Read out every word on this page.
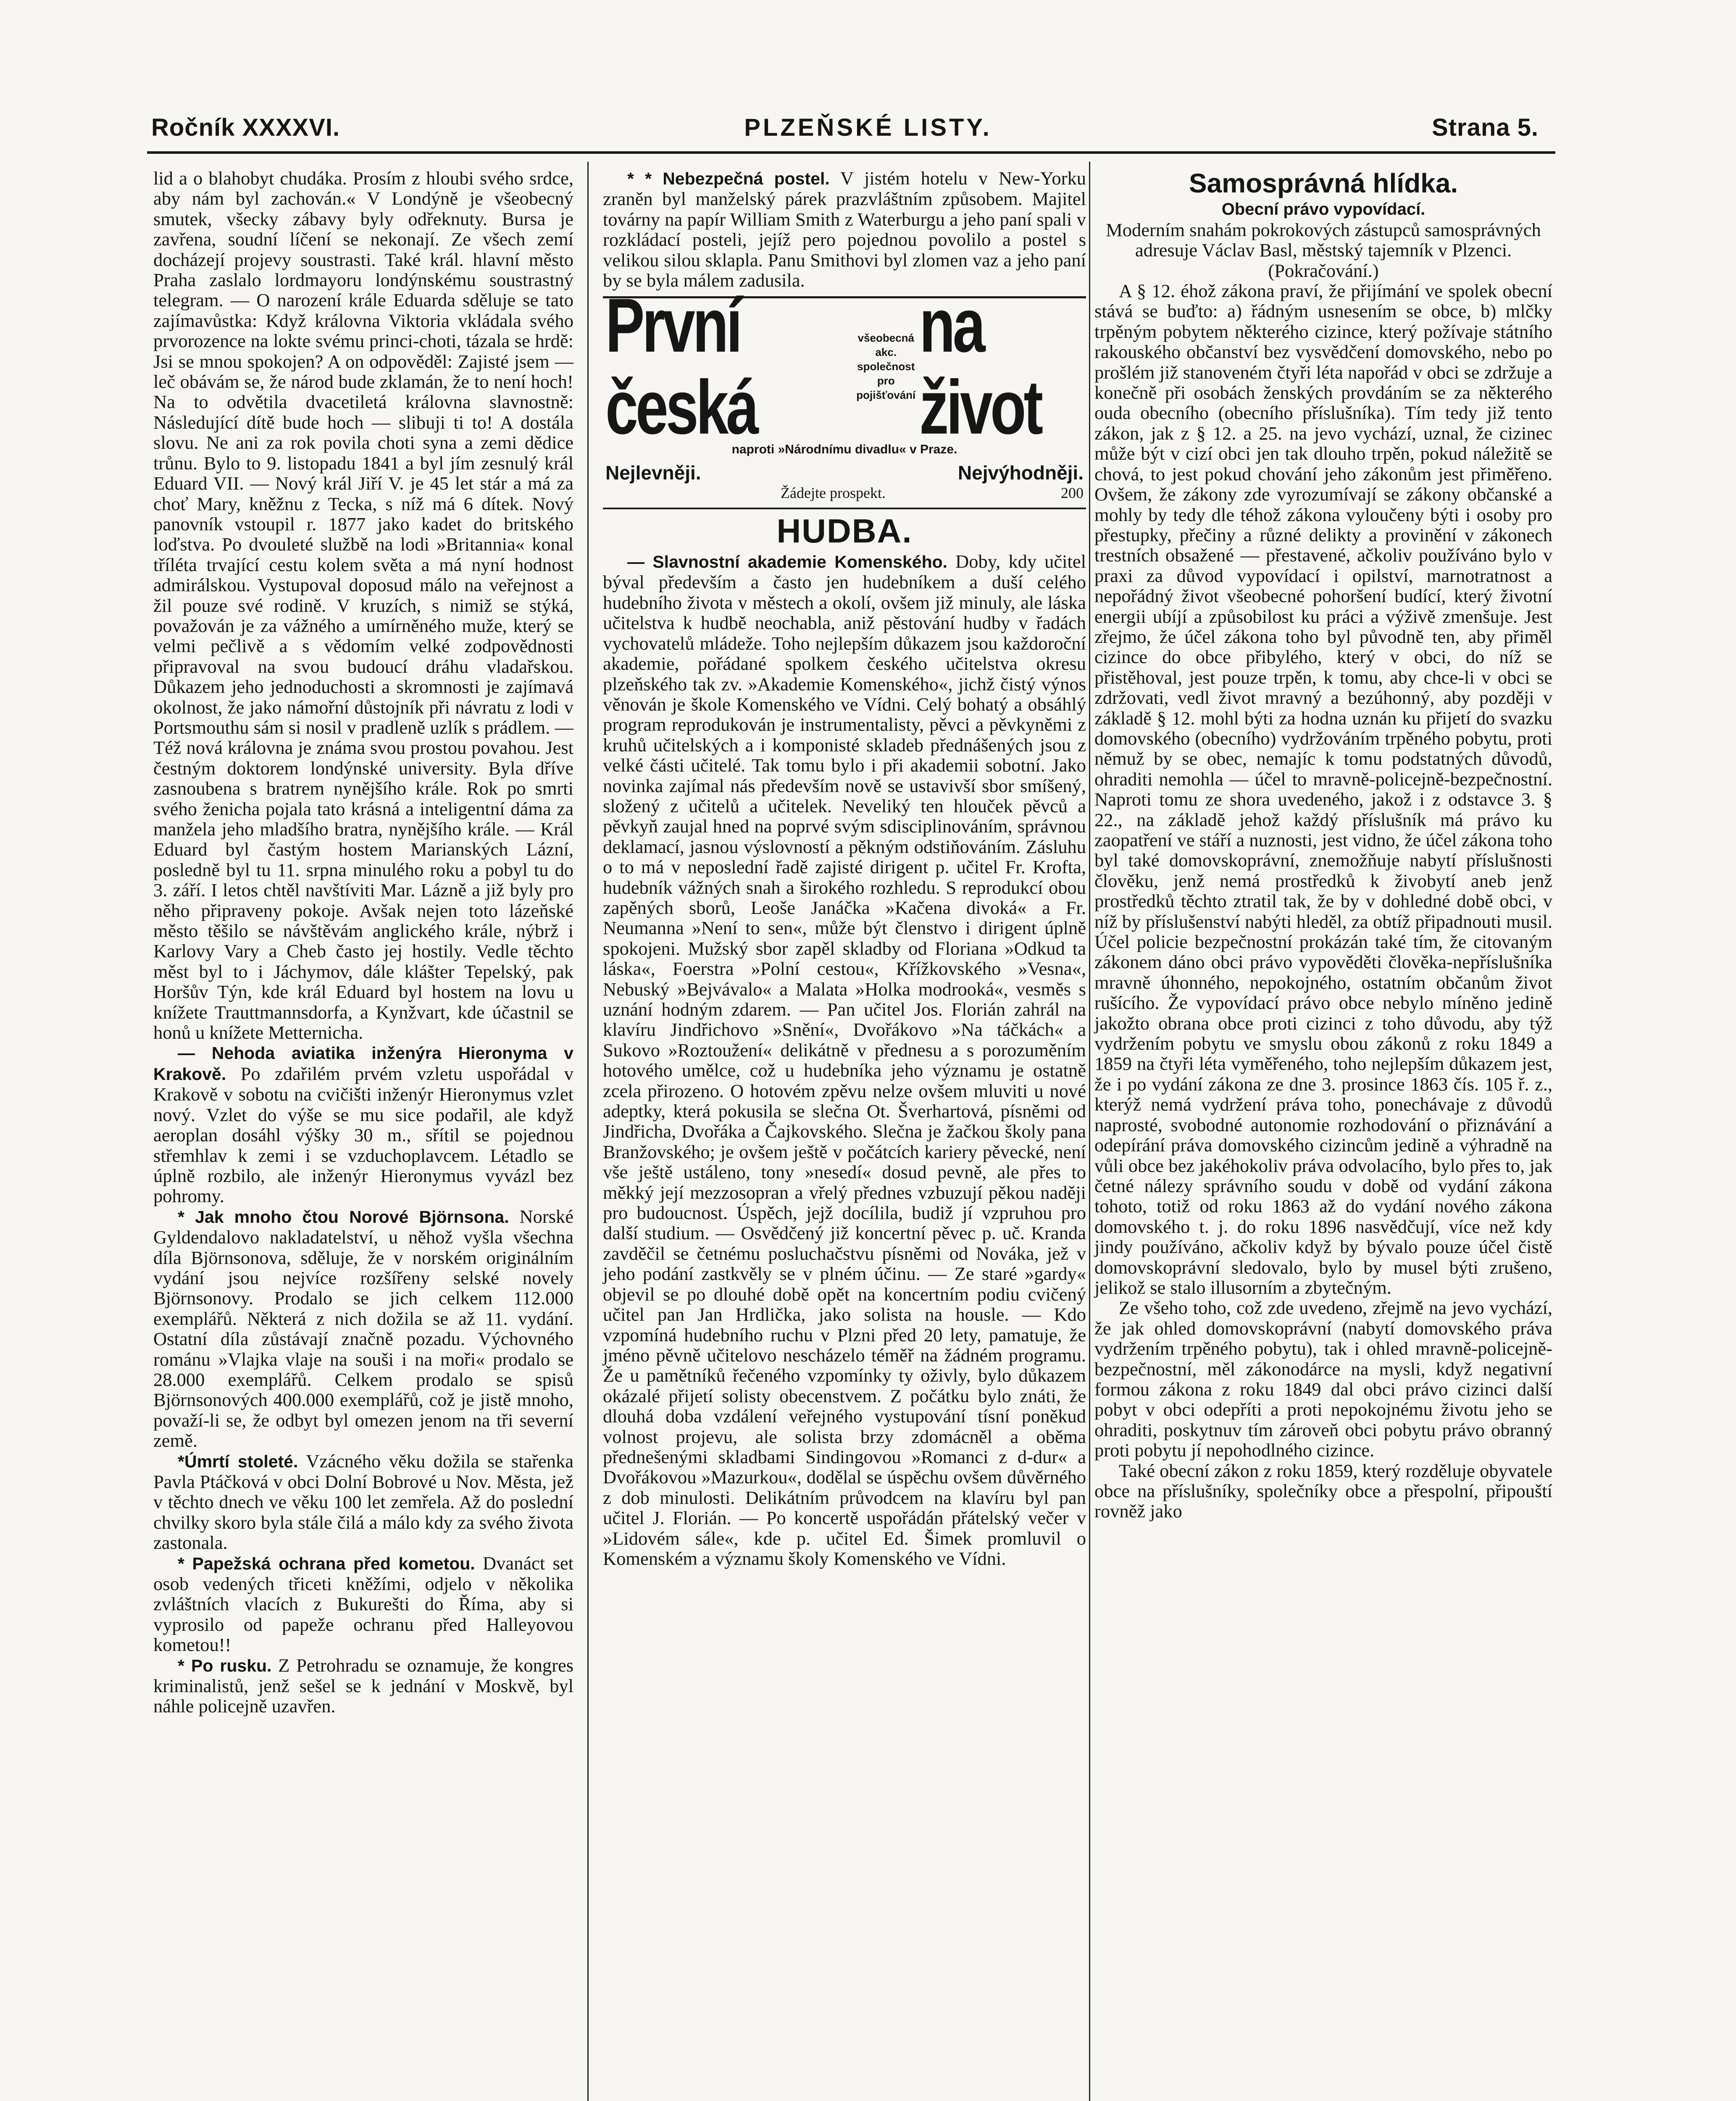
Ročník XXXXVI.	PLZEŇSKÉ LISTY.	Strana 5.

lid a o blahobyt chudáka. Prosím z hloubi svého srdce, aby nám byl zachován.« V Londýně je všeobecný smutek, všecky zábavy byly odřeknuty. Bursa je zavřena, soudní líčení se nekonají. Ze všech zemí docházejí projevy soustrasti. Také král. hlavní město Praha zaslalo lordmayoru londýnskému soustrastný telegram. — O narození krále Eduarda sděluje se tato zajímavůstka: Když královna Viktoria vkládala svého prvorozence na lokte svému princi-choti, tázala se hrdě: Jsi se mnou spokojen? A on odpověděl: Zajisté jsem — leč obávám se, že národ bude zklamán, že to není hoch! Na to odvětila dvacetiletá královna slavnostně: Následující dítě bude hoch — slibuji ti to! A dostála slovu. Ne ani za rok povila choti syna a zemi dědice trůnu. Bylo to 9. listopadu 1841 a byl jím zesnulý král Eduard VII. — Nový král Jiří V. je 45 let stár a má za choť Mary, kněžnu z Tecka, s níž má 6 dítek. Nový panovník vstoupil r. 1877 jako kadet do britského loďstva. Po dvouleté službě na lodi »Britannia« konal tříléta trvající cestu kolem světa a má nyní hodnost admirálskou. Vystupoval doposud málo na veřejnost a žil pouze své rodině. V kruzích, s nimiž se stýká, považován je za vážného a umírněného muže, který se velmi pečlivě a s vědomím velké zodpovědnosti připravoval na svou budoucí dráhu vladařskou. Důkazem jeho jednoduchosti a skromnosti je zajímavá okolnost, že jako námořní důstojník při návratu z lodi v Portsmouthu sám si nosil v pradleně uzlík s prádlem. — Též nová královna je známa svou prostou povahou. Jest čestným doktorem londýnské university. Byla dříve zasnoubena s bratrem nynějšího krále. Rok po smrti svého ženicha pojala tato krásná a inteligentní dáma za manžela jeho mladšího bratra, nynějšího krále. — Král Eduard byl častým hostem Marianských Lázní, posledně byl tu 11. srpna minulého roku a pobyl tu do 3. září. I letos chtěl navštíviti Mar. Lázně a již byly pro něho připraveny pokoje. Avšak nejen toto lázeňské město těšilo se návštěvám anglického krále, nýbrž i Karlovy Vary a Cheb často jej hostily. Vedle těchto měst byl to i Jáchymov, dále klášter Tepelský, pak Horšův Týn, kde král Eduard byl hostem na lovu u knížete Trauttmannsdorfa, a Kynžvart, kde účastnil se honů u knížete Metternicha.

— Nehoda aviatika inženýra Hieronyma v Krakově. Po zdařilém prvém vzletu uspořádal v Krakově v sobotu na cvičišti inženýr Hieronymus vzlet nový. Vzlet do výše se mu sice podařil, ale když aeroplan dosáhl výšky 30 m., sřítil se pojednou střemhlav k zemi i se vzduchoplavcem. Létadlo se úplně rozbilo, ale inženýr Hieronymus vyvázl bez pohromy.

* Jak mnoho čtou Norové Björnsona. Norské Gyldendalovo nakladatelství, u něhož vyšla všechna díla Björnsonova, sděluje, že v norském originálním vydání jsou nejvíce rozšířeny selské novely Björnsonovy. Prodalo se jich celkem 112.000 exemplářů. Některá z nich dožila se až 11. vydání. Ostatní díla zůstávají značně pozadu. Výchovného románu »Vlajka vlaje na souši i na moři« prodalo se 28.000 exemplářů. Celkem prodalo se spisů Björnsonových 400.000 exemplářů, což je jistě mnoho, považí-li se, že odbyt byl omezen jenom na tři severní země.

*Úmrtí stoleté. Vzácného věku dožila se stařenka Pavla Ptáčková v obci Dolní Bobrové u Nov. Města, jež v těchto dnech ve věku 100 let zemřela. Až do poslední chvilky skoro byla stále čilá a málo kdy za svého života zastonala.

* Papežská ochrana před kometou. Dvanáct set osob vedených třiceti kněžími, odjelo v několika zvláštních vlacích z Bukurešti do Říma, aby si vyprosilo od papeže ochranu před Halleyovou kometou!!

* Po rusku. Z Petrohradu se oznamuje, že kongres kriminalistů, jenž sešel se k jednání v Moskvě, byl náhle policejně uzavřen.

* * Nebezpečná postel. V jistém hotelu v New-Yorku zraněn byl manželský párek prazvláštním způsobem. Majitel továrny na papír William Smith z Waterburgu a jeho paní spali v rozkládací posteli, jejíž pero pojednou povolilo a postel s velikou silou sklapla. Panu Smithovi byl zlomen vaz a jeho paní by se byla málem zadusila.

První česká
všeobecná akc.
společnost
pro pojišťování
na život
naproti »Národnímu divadlu« v Praze.
Nejlevněji.	Nejvýhodněji.
Žádejte prospekt.	200
HUDBA.

— Slavnostní akademie Komenského. Doby, kdy učitel býval především a často jen hudebníkem a duší celého hudebního života v městech a okolí, ovšem již minuly, ale láska učitelstva k hudbě neochabla, aniž pěstování hudby v řadách vychovatelů mládeže. Toho nejlepším důkazem jsou každoroční akademie, pořádané spolkem českého učitelstva okresu plzeňského tak zv. »Akademie Komenského«, jichž čistý výnos věnován je škole Komenského ve Vídni. Celý bohatý a obsáhlý program reprodukován je instrumentalisty, pěvci a pěvkyněmi z kruhů učitelských a i komponisté skladeb přednášených jsou z velké části učitelé. Tak tomu bylo i při akademii sobotní. Jako novinka zajímal nás především nově se ustavivší sbor smíšený, složený z učitelů a učitelek. Neveliký ten hlouček pěvců a pěvkyň zaujal hned na poprvé svým sdisciplinováním, správnou deklamací, jasnou výslovností a pěkným odstiňováním. Zásluhu o to má v neposlední řadě zajisté dirigent p. učitel Fr. Krofta, hudebník vážných snah a širokého rozhledu. S reprodukcí obou zapěných sborů, Leoše Janáčka »Kačena divoká« a Fr. Neumanna »Není to sen«, může být členstvo i dirigent úplně spokojeni. Mužský sbor zapěl skladby od Floriana »Odkud ta láska«, Foerstra »Polní cestou«, Křížkovského »Vesna«, Nebuský »Bejvávalo« a Malata »Holka modrooká«, vesměs s uznání hodným zdarem. — Pan učitel Jos. Florián zahrál na klavíru Jindřichovo »Snění«, Dvořákovo »Na táčkách« a Sukovo »Roztoužení« delikátně v přednesu a s porozuměním hotového umělce, což u hudebníka jeho významu je ostatně zcela přirozeno. O hotovém zpěvu nelze ovšem mluviti u nové adeptky, která pokusila se slečna Ot. Šverhartová, písněmi od Jindřicha, Dvořáka a Čajkovského. Slečna je žačkou školy pana Branžovského; je ovšem ještě v počátcích kariery pěvecké, není vše ještě ustáleno, tony »nesedí« dosud pevně, ale přes to měkký její mezzosopran a vřelý přednes vzbuzují pěkou naději pro budoucnost. Úspěch, jejž docílila, budiž jí vzpruhou pro další studium. — Osvědčený již koncertní pěvec p. uč. Kranda zavděčil se četnému posluchačstvu písněmi od Nováka, jež v jeho podání zastkvěly se v plném účinu. — Ze staré »gardy« objevil se po dlouhé době opět na koncertním podiu cvičený učitel pan Jan Hrdlička, jako solista na housle. — Kdo vzpomíná hudebního ruchu v Plzni před 20 lety, pamatuje, že jméno pěvně učitelovo nescházelo téměř na žádném programu. Že u pamětníků řečeného vzpomínky ty oživly, bylo důkazem okázalé přijetí solisty obecenstvem. Z počátku bylo znáti, že dlouhá doba vzdálení veřejného vystupování tísní poněkud volnost projevu, ale solista brzy zdomácněl a oběma přednešenými skladbami Sindingovou »Romanci z d-dur« a Dvořákovou »Mazurkou«, dodělal se úspěchu ovšem důvěrného z dob minulosti. Delikátním průvodcem na klavíru byl pan učitel J. Florián. — Po koncertě uspořádán přátelský večer v »Lidovém sále«, kde p. učitel Ed. Šimek promluvil o Komenském a významu školy Komenského ve Vídni.

Samosprávná hlídka.
Obecní právo vypovídací.

Moderním snahám pokrokových zástupců samosprávných adresuje Václav Basl, městský tajemník v Plzenci.

(Pokračování.)

A § 12. éhož zákona praví, že přijímání ve spolek obecní stává se buďto: a) řádným usnesením se obce, b) mlčky trpěným pobytem některého cizince, který požívaje státního rakouského občanství bez vysvědčení domovského, nebo po prošlém již stanoveném čtyři léta napořád v obci se zdržuje a konečně při osobách ženských provdáním se za některého ouda obecního (obecního příslušníka). Tím tedy již tento zákon, jak z § 12. a 25. na jevo vychází, uznal, že cizinec může být v cizí obci jen tak dlouho trpěn, pokud náležitě se chová, to jest pokud chování jeho zákonům jest přiměřeno. Ovšem, že zákony zde vyrozumívají se zákony občanské a mohly by tedy dle téhož zákona vyloučeny býti i osoby pro přestupky, přečiny a různé delikty a provinění v zákonech trestních obsažené — přestavené, ačkoliv používáno bylo v praxi za důvod vypovídací i opilství, marnotratnost a nepořádný život všeobecné pohoršení budící, který životní energii ubíjí a způsobilost ku práci a výživě zmenšuje. Jest zřejmo, že účel zákona toho byl původně ten, aby přiměl cizince do obce přibylého, který v obci, do níž se přistěhoval, jest pouze trpěn, k tomu, aby chce-li v obci se zdržovati, vedl život mravný a bezúhonný, aby později v základě § 12. mohl býti za hodna uznán ku přijetí do svazku domovského (obecního) vydržováním trpěného pobytu, proti němuž by se obec, nemajíc k tomu podstatných důvodů, ohraditi nemohla — účel to mravně-policejně-bezpečnostní. Naproti tomu ze shora uvedeného, jakož i z odstavce 3. § 22., na základě jehož každý příslušník má právo ku zaopatření ve stáří a nuznosti, jest vidno, že účel zákona toho byl také domovskoprávní, znemožňuje nabytí příslušnosti člověku, jenž nemá prostředků k živobytí aneb jenž prostředků těchto ztratil tak, že by v dohledné době obci, v níž by příslušenství nabýti hleděl, za obtíž připadnouti musil. Účel policie bezpečnostní prokázán také tím, že citovaným zákonem dáno obci právo vypověděti člověka-nepříslušníka mravně úhonného, nepokojného, ostatním občanům život rušícího. Že vypovídací právo obce nebylo míněno jedině jakožto obrana obce proti cizinci z toho důvodu, aby týž vydržením pobytu ve smyslu obou zákonů z roku 1849 a 1859 na čtyři léta vyměřeného, toho nejlepším důkazem jest, že i po vydání zákona ze dne 3. prosince 1863 čís. 105 ř. z., kterýž nemá vydržení práva toho, ponechávaje z důvodů naprosté, svobodné autonomie rozhodování o přiznávání a odepírání práva domovského cizincům jedině a výhradně na vůli obce bez jakéhokoliv práva odvolacího, bylo přes to, jak četné nálezy správního soudu v době od vydání zákona tohoto, totiž od roku 1863 až do vydání nového zákona domovského t. j. do roku 1896 nasvědčují, více než kdy jindy používáno, ačkoliv když by bývalo pouze účel čistě domovskoprávní sledovalo, bylo by musel býti zrušeno, jelikož se stalo illusorním a zbytečným.

Ze všeho toho, což zde uvedeno, zřejmě na jevo vychází, že jak ohled domovskoprávní (nabytí domovského práva vydržením trpěného pobytu), tak i ohled mravně-policejně-bezpečnostní, měl zákonodárce na mysli, když negativní formou zákona z roku 1849 dal obci právo cizinci další pobyt v obci odepříti a proti nepokojnému životu jeho se ohraditi, poskytnuv tím zároveň obci pobytu právo obranný proti pobytu jí nepohodlného cizince.

Také obecní zákon z roku 1859, který rozděluje obyvatele obce na příslušníky, společníky obce a přespolní, připouští rovněž jako
